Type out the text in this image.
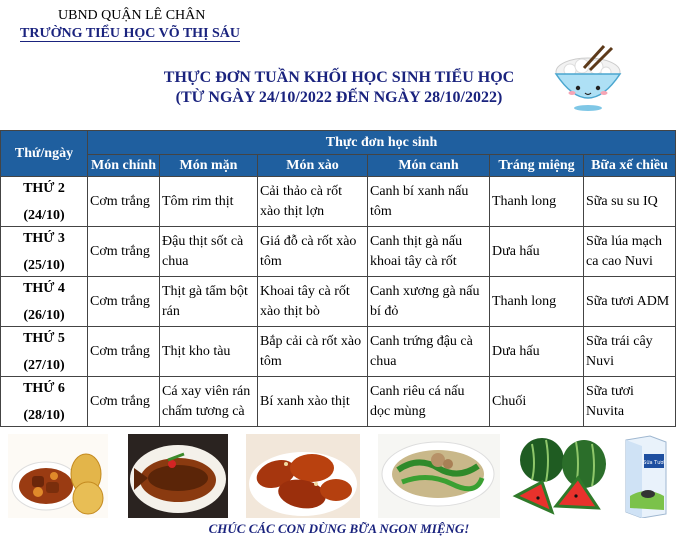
UBND QUẬN LÊ CHÂN
TRƯỜNG TIỂU HỌC VÕ THỊ SÁU
THỰC ĐƠN TUẦN KHỐI HỌC SINH TIỂU HỌC
(TỪ NGÀY 24/10/2022 ĐẾN NGÀY 28/10/2022)
Thứ/ngày	Thực đơn học sinh					
	Món chính	Món mặn	Món xào	Món canh	Tráng miệng	Bữa xế chiều

THỨ 2
(24/10)	Cơm trắng	Tôm rim thịt	Cải thảo cà rốt xào thịt lợn	Canh bí xanh nấu tôm	Thanh long	Sữa su su IQ

THỨ 3
(25/10)	Cơm trắng	Đậu thịt sốt cà chua	Giá đỗ cà rốt xào tôm	Canh thịt gà nấu khoai tây cà rốt	Dưa hấu	Sữa lúa mạch ca cao Nuvi

THỨ 4
(26/10)	Cơm trắng	Thịt gà tẩm bột rán	Khoai tây cà rốt xào thịt bò	Canh xương gà nấu bí đỏ	Thanh long	Sữa tươi ADM

THỨ 5
(27/10)	Cơm trắng	Thịt kho tàu	Bắp cải cà rốt xào tôm	Canh trứng đậu cà chua	Dưa hấu	Sữa trái cây Nuvi

THỨ 6
(28/10)	Cơm trắng	Cá xay viên rán chấm tương cà	Bí xanh xào thịt	Canh riêu cá nấu dọc mùng	Chuối	Sữa tươi Nuvita
Sữa Tươi
CHÚC CÁC CON DÙNG BỮA NGON MIỆNG!
